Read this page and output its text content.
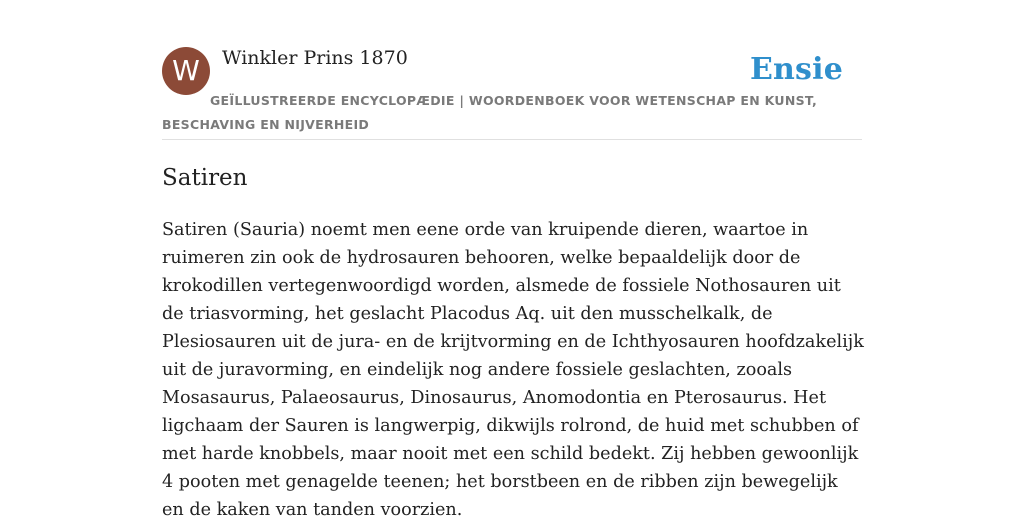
W	Winkler Prins 1870	Ensie
GEÏLLUSTREERDE ENCYCLOPÆDIE | WOORDENBOEK VOOR WETENSCHAP EN KUNST, BESCHAVING EN NIJVERHEID
Satiren

Satiren (Sauria) noemt men eene orde van kruipende dieren, waartoe in ruimeren zin ook de hydrosauren behooren, welke bepaaldelijk door de krokodillen vertegenwoordigd worden, alsmede de fossiele Nothosauren uit de triasvorming, het geslacht Placodus Aq. uit den musschelkalk, de Plesiosauren uit de jura- en de krijtvorming en de Ichthyosauren hoofdzakelijk uit de juravorming, en eindelijk nog andere fossiele geslachten, zooals Mosasaurus, Palaeosaurus, Dinosaurus, Anomodontia en Pterosaurus. Het ligchaam der Sauren is langwerpig, dikwijls rolrond, de huid met schubben of met harde knobbels, maar nooit met een schild bedekt. Zij hebben gewoonlijk 4 pooten met genagelde teenen; het borstbeen en de ribben zijn bewegelijk en de kaken van tanden voorzien.
